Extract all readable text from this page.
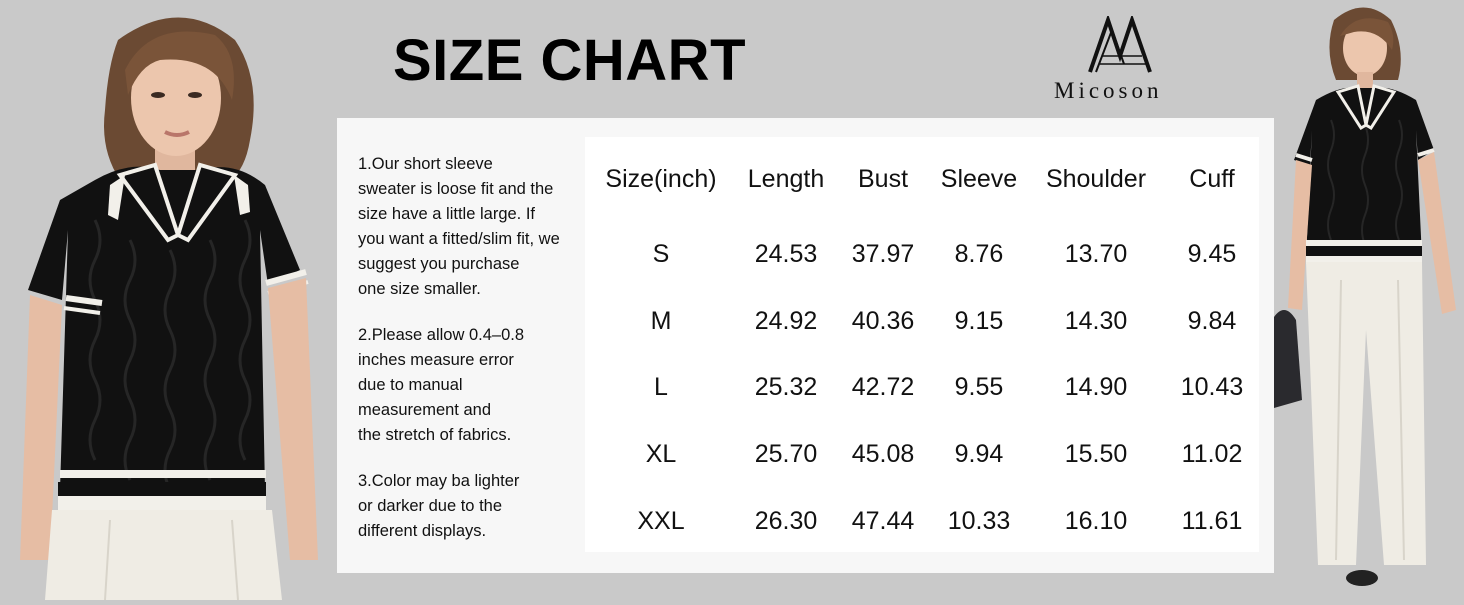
SIZE CHART	Micoson
1.Our short sleeve
sweater is loose fit and the
size have a little large. If
you want a fitted/slim fit, we
suggest you purchase
one size smaller.
2.Please allow 0.4–0.8
inches measure error
due to manual
measurement and
the stretch of fabrics.
3.Color may ba lighter
or darker due to the
different displays.
Size(inch)	Length	Bust	Sleeve	Shoulder	Cuff
S	24.53	37.97	8.76	13.70	9.45
M	24.92	40.36	9.15	14.30	9.84
L	25.32	42.72	9.55	14.90	10.43
XL	25.70	45.08	9.94	15.50	11.02
XXL	26.30	47.44	10.33	16.10	11.61
